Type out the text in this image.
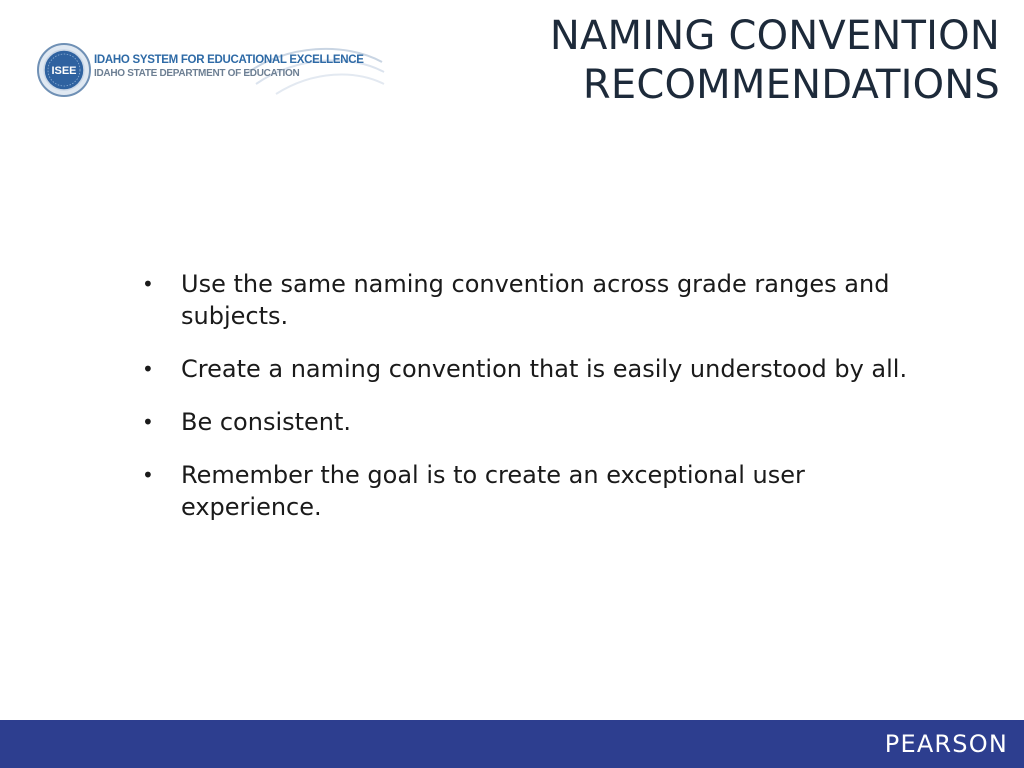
ISEE
IDAHO SYSTEM FOR EDUCATIONAL EXCELLENCE
IDAHO STATE DEPARTMENT OF EDUCATION
NAMING CONVENTION
RECOMMENDATIONS
• Use the same naming convention across grade ranges and subjects.
• Create a naming convention that is easily understood by all.
• Be consistent.
• Remember the goal is to create an exceptional user experience.
PEARSON
